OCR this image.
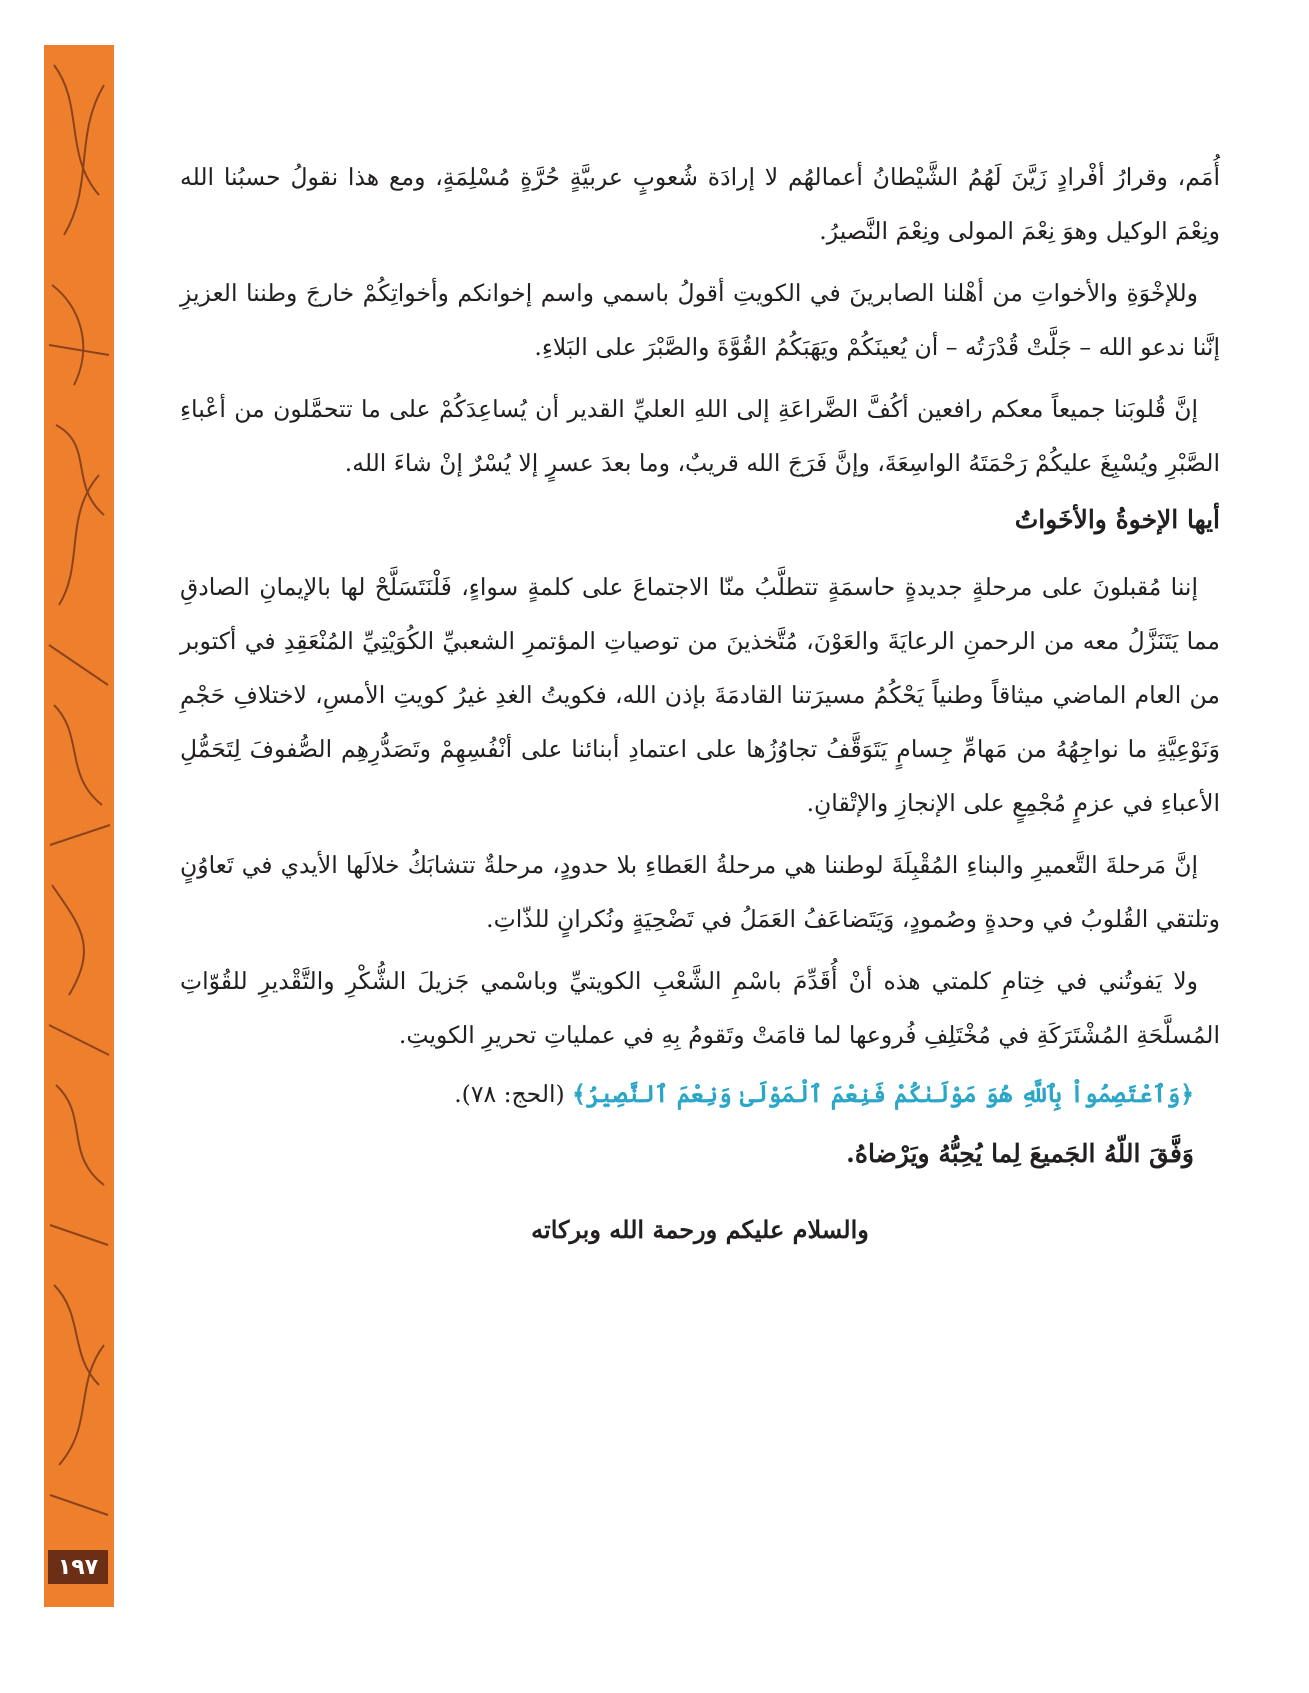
١٩٧

أُمَم، وقرارُ أفْرادٍ زَيَّنَ لَهُمُ الشَّيْطانُ أعمالهُم لا إرادَة شُعوبٍ عربيَّةٍ حُرَّةٍ مُسْلِمَةٍ، ومع هذا نقولُ حسبُنا الله ونِعْمَ الوكيل وهوَ نِعْمَ المولى ونِعْمَ النَّصيرُ.

وللإخْوَةِ والأخواتِ من أهْلنا الصابرينَ في الكويتِ أقولُ باسمي واسم إخوانكم وأخواتِكُمْ خارجَ وطننا العزيزِ إنَّنا ندعو الله – جَلَّتْ قُدْرَتُه – أن يُعينَكُمْ ويَهَبَكُمُ القُوَّةَ والصَّبْرَ على البَلاءِ.

إنَّ قُلوبَنا جميعاً معكم رافعين أكُفَّ الضَّراعَةِ إلى اللهِ العليِّ القدير أن يُساعِدَكُمْ على ما تتحمَّلون من أعْباءِ الصَّبْرِ ويُسْبِغَ عليكُمْ رَحْمَتَهُ الواسِعَةَ، وإنَّ فَرَجَ الله قريبٌ، وما بعدَ عسرٍ إلا يُسْرٌ إنْ شاءَ الله.

أيها الإخوةُ والأخَواتُ

إننا مُقبلونَ على مرحلةٍ جديدةٍ حاسمَةٍ تتطلَّبُ منّا الاجتماعَ على كلمةٍ سواءٍ، فَلْنَتَسَلَّحْ لها بالإيمانِ الصادقِ مما يَتَنَزَّلُ معه من الرحمنِ الرعايَةَ والعَوْنَ، مُتَّخذينَ من توصياتِ المؤتمرِ الشعبيِّ الكُوَيْتِيِّ المُنْعَقِدِ في أكتوبر من العام الماضي ميثاقاً وطنياً يَحْكُمُ مسيرَتنا القادمَةَ بإذن الله، فكويتُ الغدِ غيرُ كويتِ الأمسِ، لاختلافِ حَجْمِ وَنَوْعِيَّةِ ما نواجِهُهُ من مَهامِّ جِسامٍ يَتَوَقَّفُ تجاوُزُها على اعتمادِ أبنائنا على أنْفُسِهِمْ وتَصَدُّرِهِم الصُّفوفَ لِتَحَمُّلِ الأعباءِ في عزمٍ مُجْمِعٍ على الإنجازِ والإتْقانِ.

إنَّ مَرحلةَ التَّعميرِ والبناءِ المُقْبِلَةَ لوطننا هي مرحلةُ العَطاءِ بلا حدودٍ، مرحلةٌ تتشابَكُ خلالَها الأيدي في تَعاوُنٍ وتلتقي القُلوبُ في وحدةٍ وصُمودٍ، وَيَتَضاعَفُ العَمَلُ في تَضْحِيَةٍ ونُكرانٍ للذّاتِ.

ولا يَفوتُني في خِتامِ كلمتي هذه أنْ أُقَدِّمَ باسْمِ الشَّعْبِ الكويتيِّ وباسْمي جَزيلَ الشُّكْرِ والتَّقْديرِ للقُوّاتِ المُسلَّحَةِ المُشْتَرَكَةِ في مُخْتَلِفِ فُروعها لما قامَتْ وتَقومُ بِهِ في عملياتِ تحريرِ الكويتِ.

﴿وَٱعْتَصِمُواْ بِٱللَّهِ هُوَ مَوْلَىٰكُمْ فَنِعْمَ ٱلْمَوْلَىٰ وَنِعْمَ ٱلنَّصِيرُ﴾ (الحج: ٧٨).
وَفَّقَ اللّهُ الجَميعَ لِما يُحِبُّهُ ويَرْضاهُ.
والسلام عليكم ورحمة الله وبركاته
